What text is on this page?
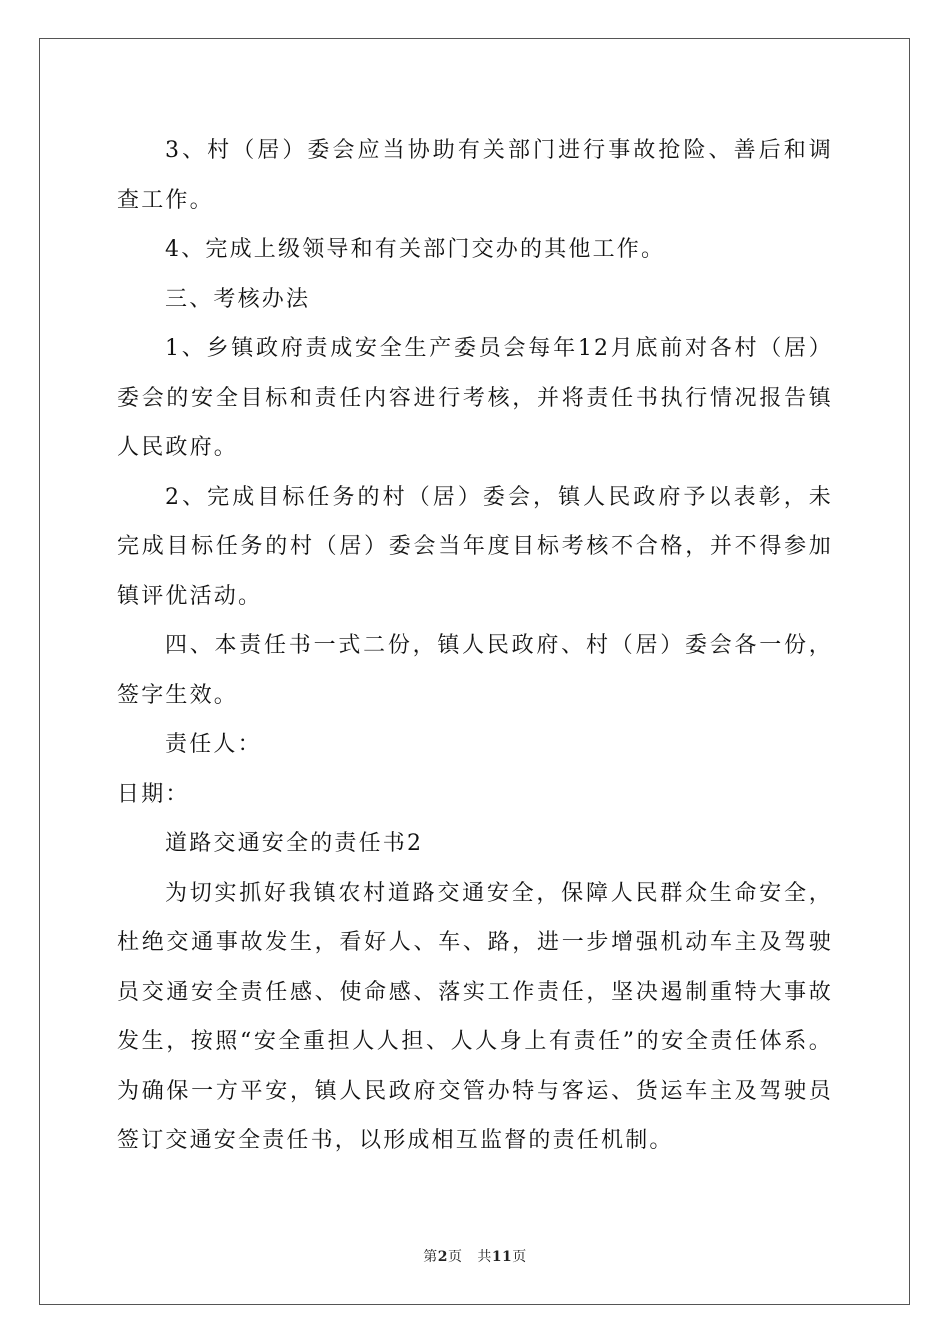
3、村（居）委会应当协助有关部门进行事故抢险、善后和调查工作。

4、完成上级领导和有关部门交办的其他工作。

三、考核办法

1、乡镇政府责成安全生产委员会每年12月底前对各村（居）委会的安全目标和责任内容进行考核，并将责任书执行情况报告镇人民政府。

2、完成目标任务的村（居）委会，镇人民政府予以表彰，未完成目标任务的村（居）委会当年度目标考核不合格，并不得参加镇评优活动。

四、本责任书一式二份，镇人民政府、村（居）委会各一份，签字生效。

责任人：

日期：

道路交通安全的责任书2

为切实抓好我镇农村道路交通安全，保障人民群众生命安全，杜绝交通事故发生，看好人、车、路，进一步增强机动车主及驾驶员交通安全责任感、使命感、落实工作责任，坚决遏制重特大事故发生，按照“安全重担人人担、人人身上有责任”的安全责任体系。为确保一方平安，镇人民政府交管办特与客运、货运车主及驾驶员签订交通安全责任书，以形成相互监督的责任机制。

第2页 共11页
